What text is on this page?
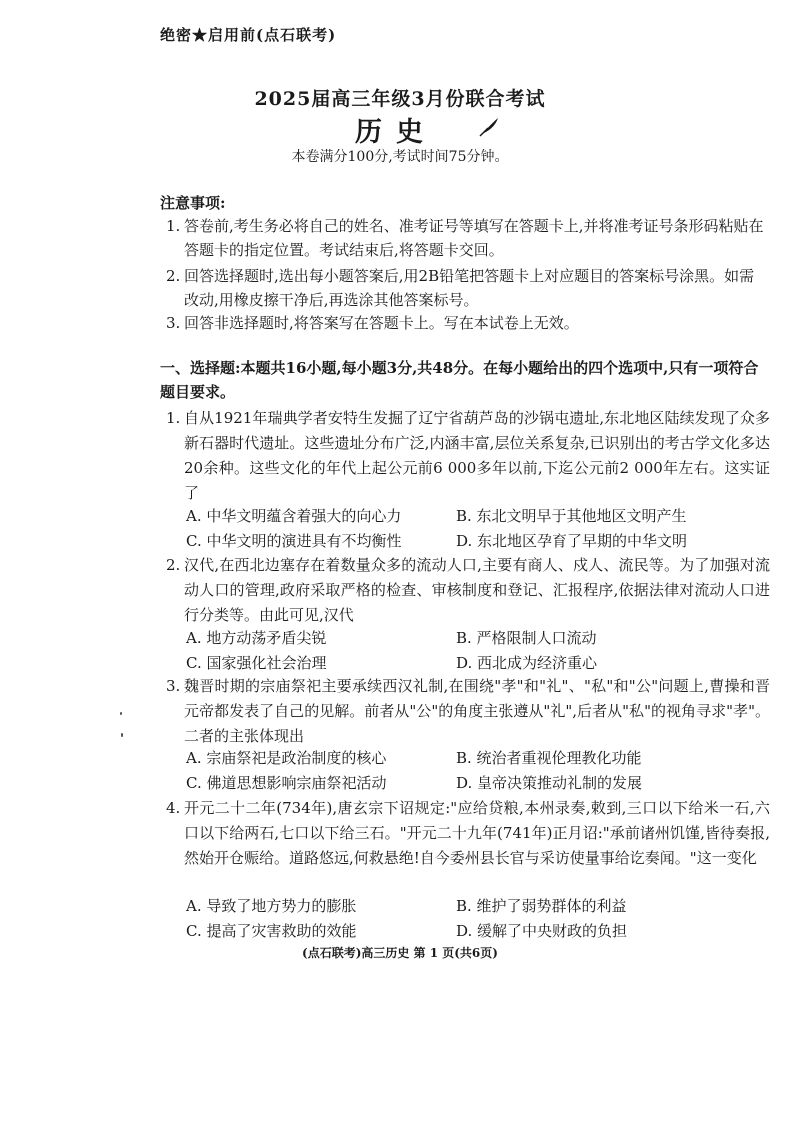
绝密★启用前(点石联考)
2025届高三年级3月份联合考试
历史
本卷满分100分,考试时间75分钟。
注意事项:
1. 答卷前,考生务必将自己的姓名、准考证号等填写在答题卡上,并将准考证号条形码粘贴在答题卡的指定位置。考试结束后,将答题卡交回。
2. 回答选择题时,选出每小题答案后,用2B铅笔把答题卡上对应题目的答案标号涂黑。如需改动,用橡皮擦干净后,再选涂其他答案标号。
3. 回答非选择题时,将答案写在答题卡上。写在本试卷上无效。
一、选择题:本题共16小题,每小题3分,共48分。在每小题给出的四个选项中,只有一项符合题目要求。
1. 自从1921年瑞典学者安特生发掘了辽宁省葫芦岛的沙锅屯遗址,东北地区陆续发现了众多新石器时代遗址。这些遗址分布广泛,内涵丰富,层位关系复杂,已识别出的考古学文化多达20余种。这些文化的年代上起公元前6 000多年以前,下迄公元前2 000年左右。这实证了
A. 中华文明蕴含着强大的向心力	B. 东北文明早于其他地区文明产生
C. 中华文明的演进具有不均衡性	D. 东北地区孕育了早期的中华文明
2. 汉代,在西北边塞存在着数量众多的流动人口,主要有商人、戍人、流民等。为了加强对流动人口的管理,政府采取严格的检查、审核制度和登记、汇报程序,依据法律对流动人口进行分类等。由此可见,汉代
A. 地方动荡矛盾尖锐	B. 严格限制人口流动
C. 国家强化社会治理	D. 西北成为经济重心
3. 魏晋时期的宗庙祭祀主要承续西汉礼制,在围绕"孝"和"礼"、"私"和"公"问题上,曹操和晋元帝都发表了自己的见解。前者从"公"的角度主张遵从"礼",后者从"私"的视角寻求"孝"。二者的主张体现出
A. 宗庙祭祀是政治制度的核心	B. 统治者重视伦理教化功能
C. 佛道思想影响宗庙祭祀活动	D. 皇帝决策推动礼制的发展
4. 开元二十二年(734年),唐玄宗下诏规定:"应给贷粮,本州录奏,敕到,三口以下给米一石,六口以下给两石,七口以下给三石。"开元二十九年(741年)正月诏:"承前诸州饥馑,皆待奏报,然始开仓赈给。道路悠远,何救悬绝!自今委州县长官与采访使量事给讫奏闻。"这一变化
A. 导致了地方势力的膨胀	B. 维护了弱势群体的利益
C. 提高了灾害救助的效能	D. 缓解了中央财政的负担
(点石联考)高三历史 第 1 页(共6页)
